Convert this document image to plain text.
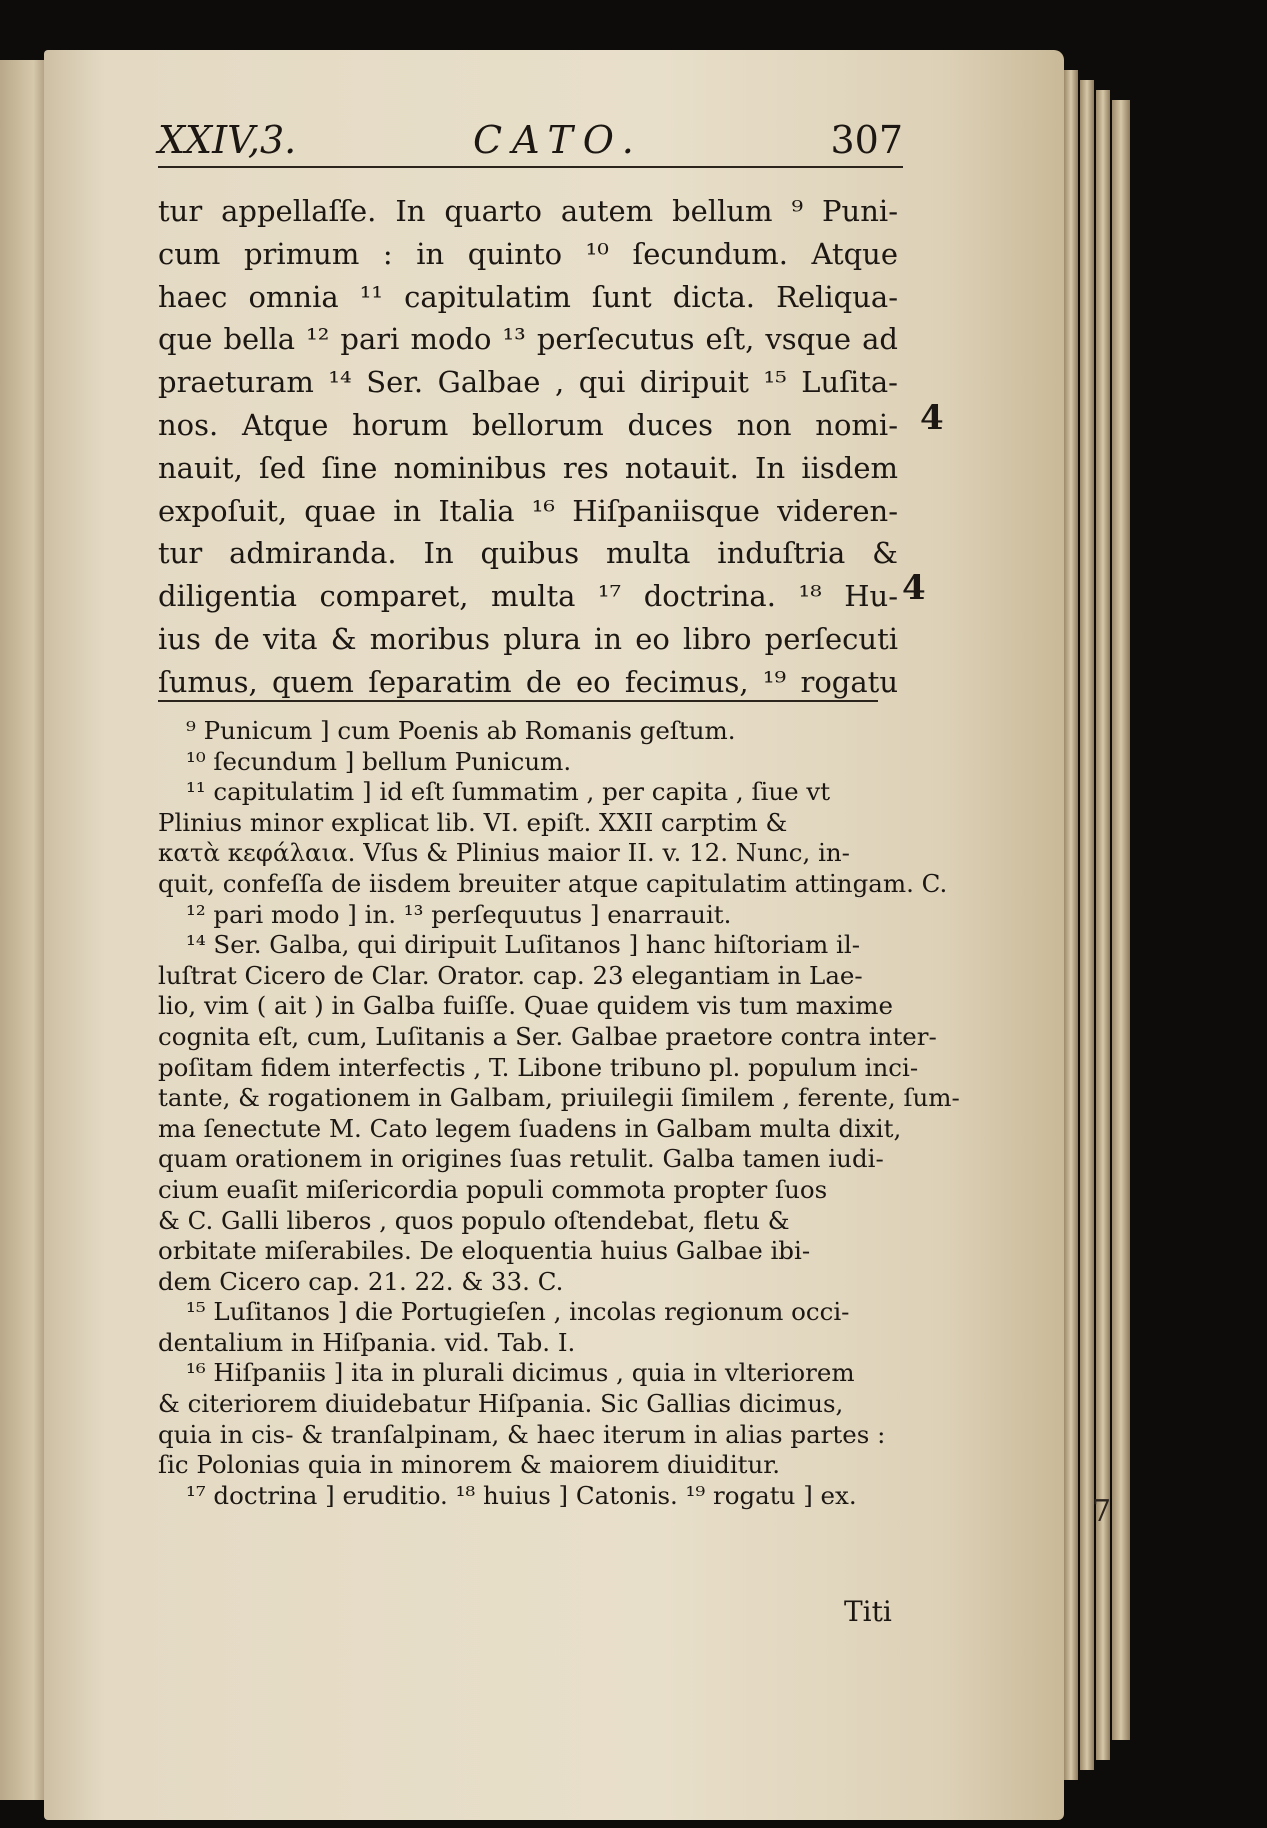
XXIV,3.	CATO.	307
tur appellaſſe. In quarto autem bellum ⁹ Puni-
cum primum : in quinto ¹⁰ ſecundum. Atque
haec omnia ¹¹ capitulatim ſunt dicta. Reliqua-
que bella ¹² pari modo ¹³ perſecutus eſt, vsque ad
praeturam ¹⁴ Ser. Galbae , qui diripuit ¹⁵ Luſita-
nos. Atque horum bellorum duces non nomi-
nauit, ſed ſine nominibus res notauit. In iisdem
expoſuit, quae in Italia ¹⁶ Hiſpaniisque videren-
tur admiranda. In quibus multa induſtria &
diligentia comparet, multa ¹⁷ doctrina. ¹⁸ Hu-
ius de vita & moribus plura in eo libro perſecuti
ſumus, quem ſeparatim de eo fecimus, ¹⁹ rogatu
4
4
⁹ Punicum ] cum Poenis ab Romanis geſtum.
¹⁰ ſecundum ] bellum Punicum.
¹¹ capitulatim ] id eſt ſummatim , per capita , ſiue vt
Plinius minor explicat lib. VI. epiſt. XXII carptim &
κατὰ κεφάλαια. Vſus & Plinius maior II. v. 12. Nunc, in-
quit, confeſſa de iisdem breuiter atque capitulatim attingam. C.
¹² pari modo ] in. ¹³ perſequutus ] enarrauit.
¹⁴ Ser. Galba, qui diripuit Luſitanos ] hanc hiſtoriam il-
luſtrat Cicero de Clar. Orator. cap. 23 elegantiam in Lae-
lio, vim ( ait ) in Galba fuiſſe. Quae quidem vis tum maxime
cognita eſt, cum, Luſitanis a Ser. Galbae praetore contra inter-
poſitam fidem interfectis , T. Libone tribuno pl. populum inci-
tante, & rogationem in Galbam, priuilegii ſimilem , ferente, ſum-
ma ſenectute M. Cato legem ſuadens in Galbam multa dixit,
quam orationem in origines ſuas retulit. Galba tamen iudi-
cium euaſit miſericordia populi commota propter ſuos
& C. Galli liberos , quos populo oſtendebat, fletu &
orbitate miſerabiles. De eloquentia huius Galbae ibi-
dem Cicero cap. 21. 22. & 33. C.
¹⁵ Luſitanos ] die Portugieſen , incolas regionum occi-
dentalium in Hiſpania. vid. Tab. I.
¹⁶ Hiſpaniis ] ita in plurali dicimus , quia in vlteriorem
& citeriorem diuidebatur Hiſpania. Sic Gallias dicimus,
quia in cis- & tranſalpinam, & haec iterum in alias partes :
ſic Polonias quia in minorem & maiorem diuiditur.
¹⁷ doctrina ] eruditio. ¹⁸ huius ] Catonis. ¹⁹ rogatu ] ex.
Titi
7
